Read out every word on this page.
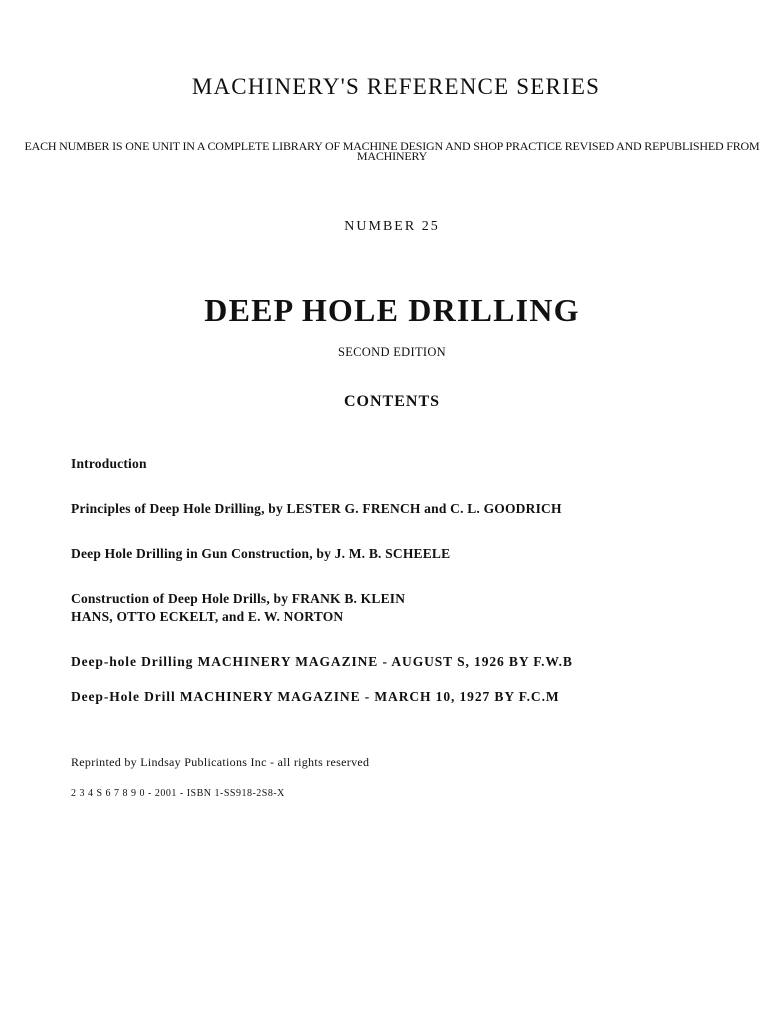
MACHINERY'S REFERENCE SERIES

EACH NUMBER IS ONE UNIT IN A COMPLETE LIBRARY OF MACHINE DESIGN AND SHOP PRACTICE REVISED AND REPUBLISHED FROM MACHINERY

NUMBER 25

DEEP HOLE DRILLING

SECOND EDITION

CONTENTS

Introduction

Principles of Deep Hole Drilling, by LESTER G. FRENCH and C. L. GOODRICH

Deep Hole Drilling in Gun Construction, by J. M. B. SCHEELE

Construction of Deep Hole Drills, by FRANK B. KLEIN
HANS, OTTO ECKELT, and E. W. NORTON

Deep-hole Drilling MACHINERY MAGAZINE - AUGUST S, 1926 BY F.W.B

Deep-Hole Drill MACHINERY MAGAZINE - MARCH 10, 1927 BY F.C.M

Reprinted by Lindsay Publications Inc - all rights reserved

2 3 4 S 6 7 8 9 0 - 2001 - ISBN 1-SS918-2S8-X
